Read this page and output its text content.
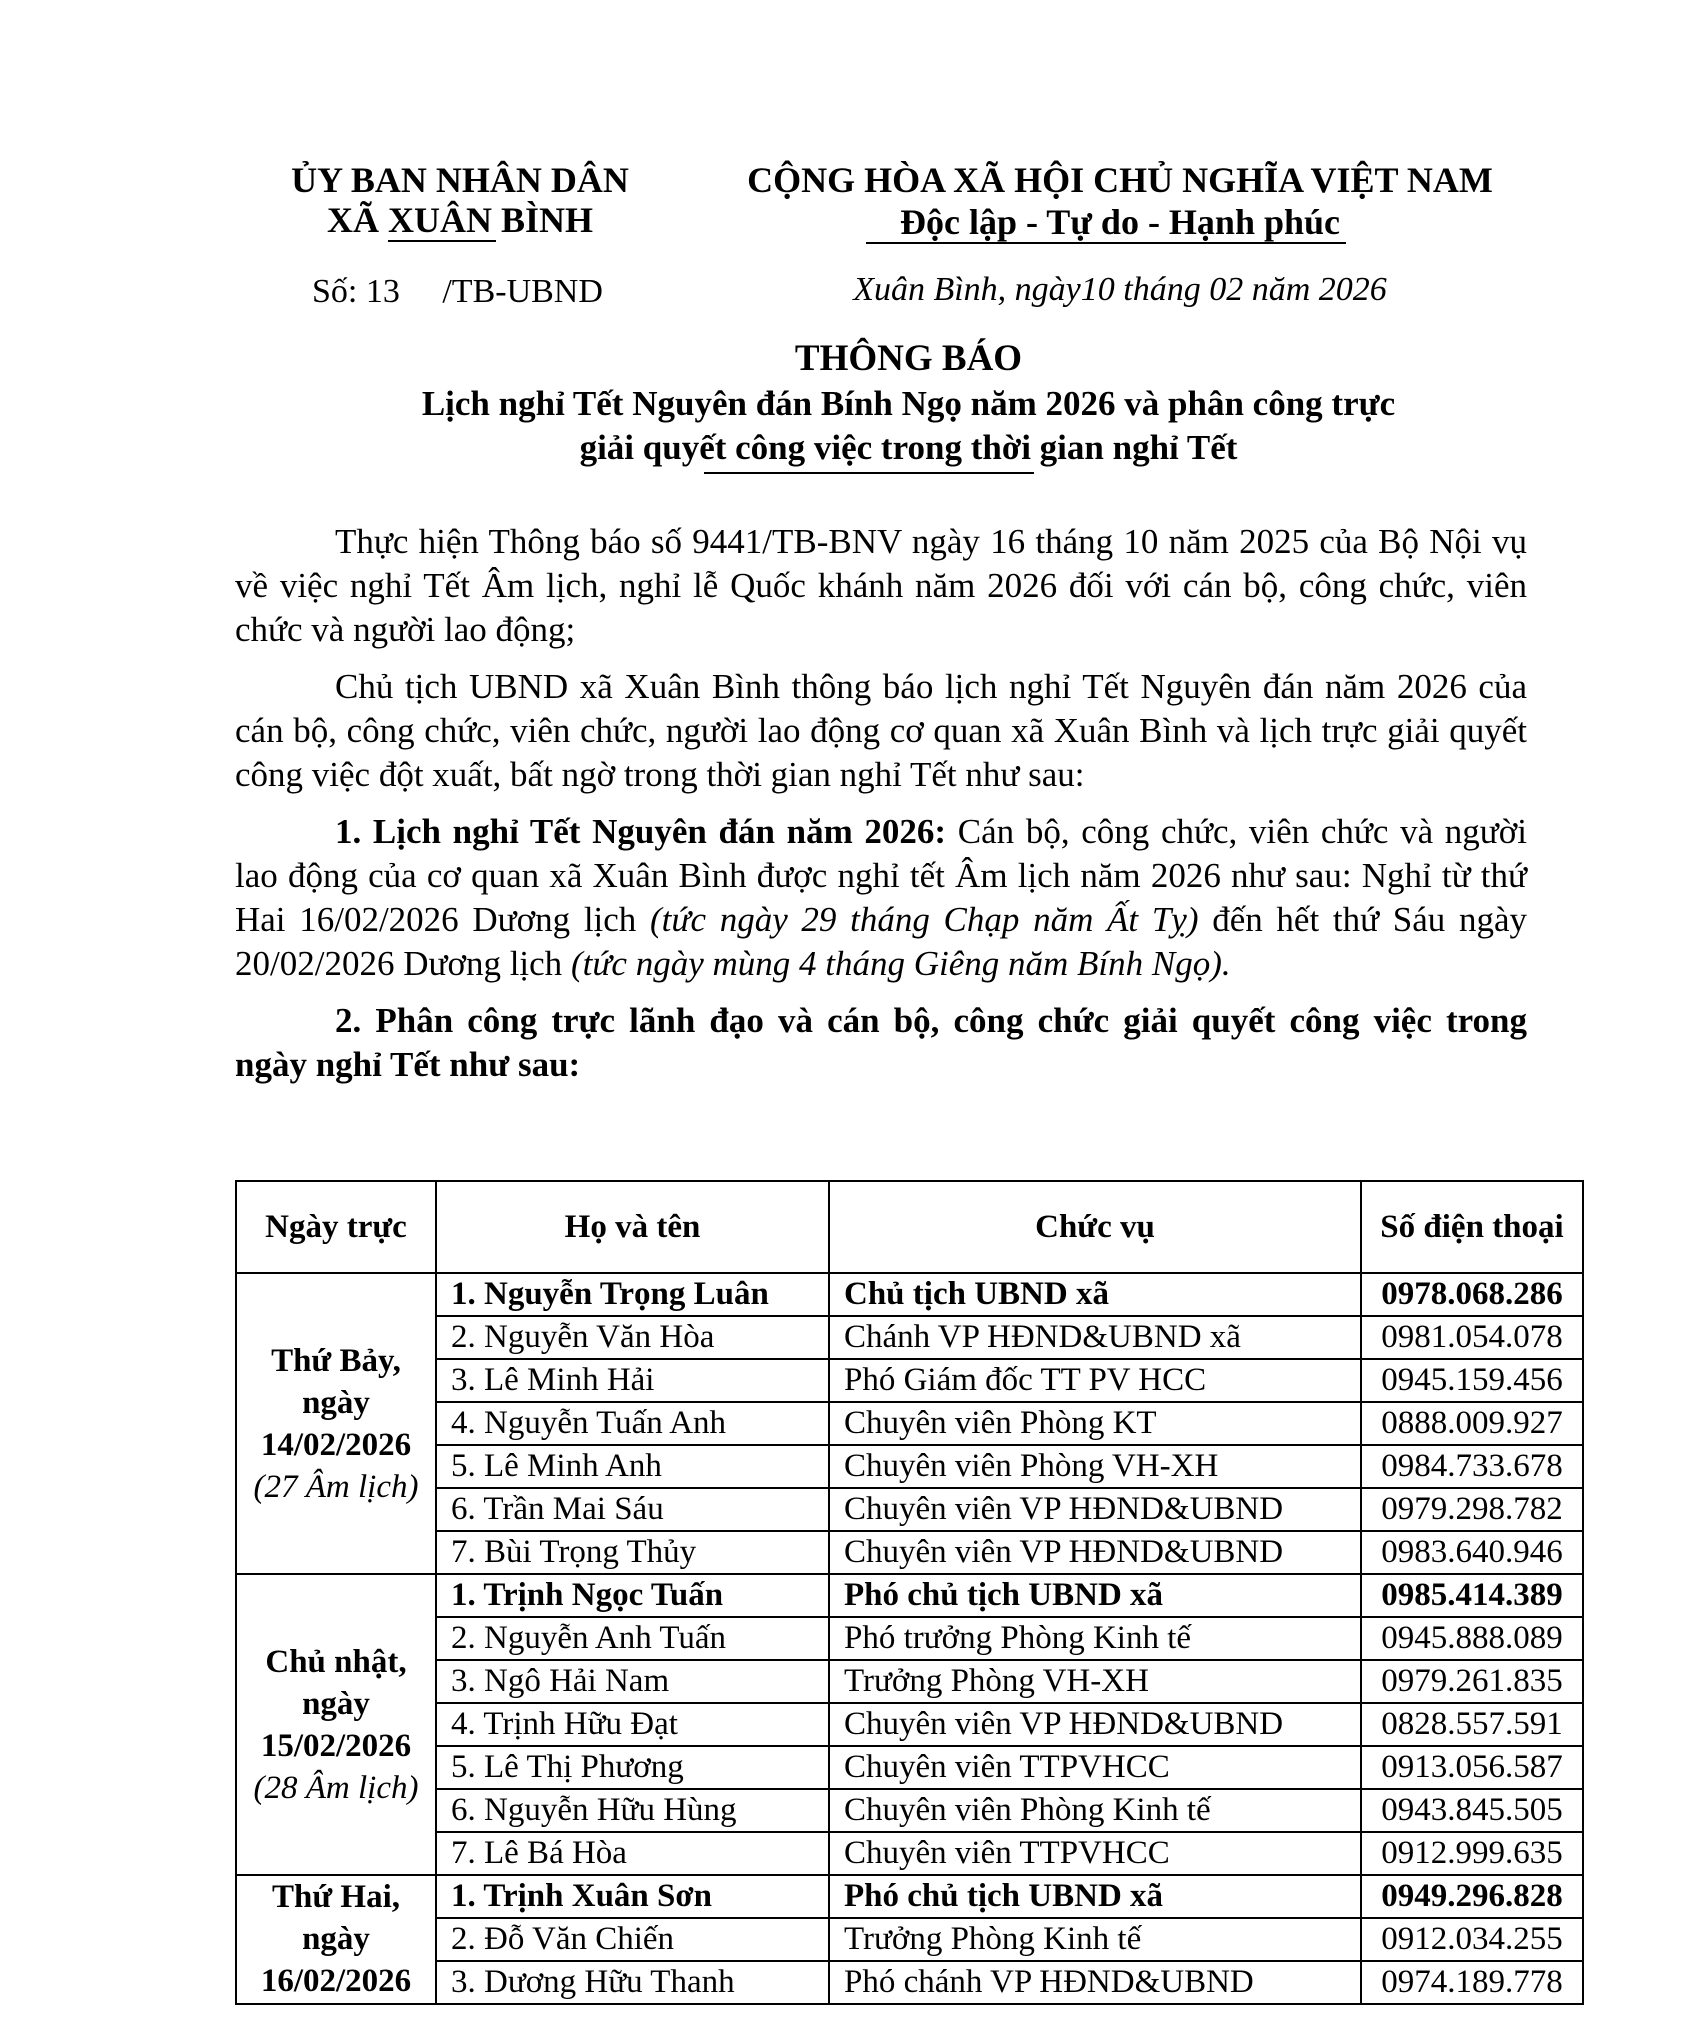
ỦY BAN NHÂN DÂN
XÃ XUÂN BÌNH
CỘNG HÒA XÃ HỘI CHỦ NGHĨA VIỆT NAM
Độc lập - Tự do - Hạnh phúc
Số: 13     /TB-UBND	Xuân Bình, ngày10 tháng 02 năm 2026
THÔNG BÁO
Lịch nghỉ Tết Nguyên đán Bính Ngọ năm 2026 và phân công trực
giải quyết công việc trong thời gian nghỉ Tết

Thực hiện Thông báo số 9441/TB-BNV ngày 16 tháng 10 năm 2025 của Bộ Nội vụ về việc nghỉ Tết Âm lịch, nghỉ lễ Quốc khánh năm 2026 đối với cán bộ, công chức, viên chức và người lao động;

Chủ tịch UBND xã Xuân Bình thông báo lịch nghỉ Tết Nguyên đán năm 2026 của cán bộ, công chức, viên chức, người lao động cơ quan xã Xuân Bình và lịch trực giải quyết công việc đột xuất, bất ngờ trong thời gian nghỉ Tết như sau:

1. Lịch nghỉ Tết Nguyên đán năm 2026: Cán bộ, công chức, viên chức và người lao động của cơ quan xã Xuân Bình được nghỉ tết Âm lịch năm 2026 như sau: Nghỉ từ thứ Hai 16/02/2026 Dương lịch (tức ngày 29 tháng Chạp năm Ất Tỵ) đến hết thứ Sáu ngày 20/02/2026 Dương lịch (tức ngày mùng 4 tháng Giêng năm Bính Ngọ).

2. Phân công trực lãnh đạo và cán bộ, công chức giải quyết công việc trong ngày nghỉ Tết như sau:

Ngày trực	Họ và tên	Chức vụ	Số điện thoại
Thứ Bảy, ngày 14/02/2026
(27 Âm lịch)	1. Nguyễn Trọng Luân	Chủ tịch UBND xã	0978.068.286
	2. Nguyễn Văn Hòa	Chánh VP HĐND&UBND xã	0981.054.078
	3. Lê Minh Hải	Phó Giám đốc TT PV HCC	0945.159.456
	4. Nguyễn Tuấn Anh	Chuyên viên Phòng KT	0888.009.927
	5. Lê Minh Anh	Chuyên viên Phòng VH-XH	0984.733.678
	6. Trần Mai Sáu	Chuyên viên VP HĐND&UBND	0979.298.782
	7. Bùi Trọng Thủy	Chuyên viên VP HĐND&UBND	0983.640.946
Chủ nhật, ngày 15/02/2026
(28 Âm lịch)	1. Trịnh Ngọc Tuấn	Phó chủ tịch UBND xã	0985.414.389
	2. Nguyễn Anh Tuấn	Phó trưởng Phòng Kinh tế	0945.888.089
	3. Ngô Hải Nam	Trưởng Phòng VH-XH	0979.261.835
	4. Trịnh Hữu Đạt	Chuyên viên VP HĐND&UBND	0828.557.591
	5. Lê Thị Phương	Chuyên viên TTPVHCC	0913.056.587
	6. Nguyễn Hữu Hùng	Chuyên viên Phòng Kinh tế	0943.845.505
	7. Lê Bá Hòa	Chuyên viên TTPVHCC	0912.999.635
Thứ Hai, ngày 16/02/2026	1. Trịnh Xuân Sơn	Phó chủ tịch UBND xã	0949.296.828
	2. Đỗ Văn Chiến	Trưởng Phòng Kinh tế	0912.034.255
	3. Dương Hữu Thanh	Phó chánh VP HĐND&UBND	0974.189.778
